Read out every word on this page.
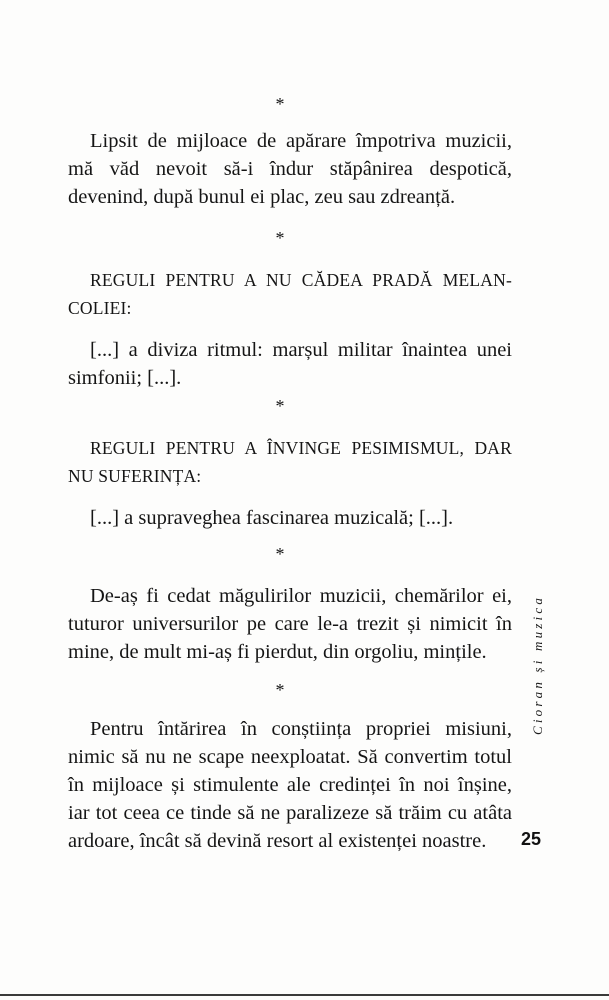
*

Lipsit de mijloace de apărare împotriva muzicii, mă văd nevoit să-i îndur stăpânirea despotică, devenind, după bunul ei plac, zeu sau zdreanță.

*

REGULI PENTRU A NU CĂDEA PRADĂ MELAN-COLIEI:

[...] a diviza ritmul: marșul militar înaintea unei simfonii; [...].

*

REGULI PENTRU A ÎNVINGE PESIMISMUL, DAR NU SUFERINȚA:

[...] a supraveghea fascinarea muzicală; [...].

*

De-aș fi cedat măgulirilor muzicii, chemărilor ei, tuturor universurilor pe care le-a trezit și nimicit în mine, de mult mi-aș fi pierdut, din orgoliu, mințile.

*

Pentru întărirea în conștiința propriei misiuni, nimic să nu ne scape neexploatat. Să convertim totul în mijloace și stimulente ale credinței în noi înșine, iar tot ceea ce tinde să ne paralizeze să trăim cu atâta ardoare, încât să devină resort al existenței noastre.

Cioran și muzica
25
